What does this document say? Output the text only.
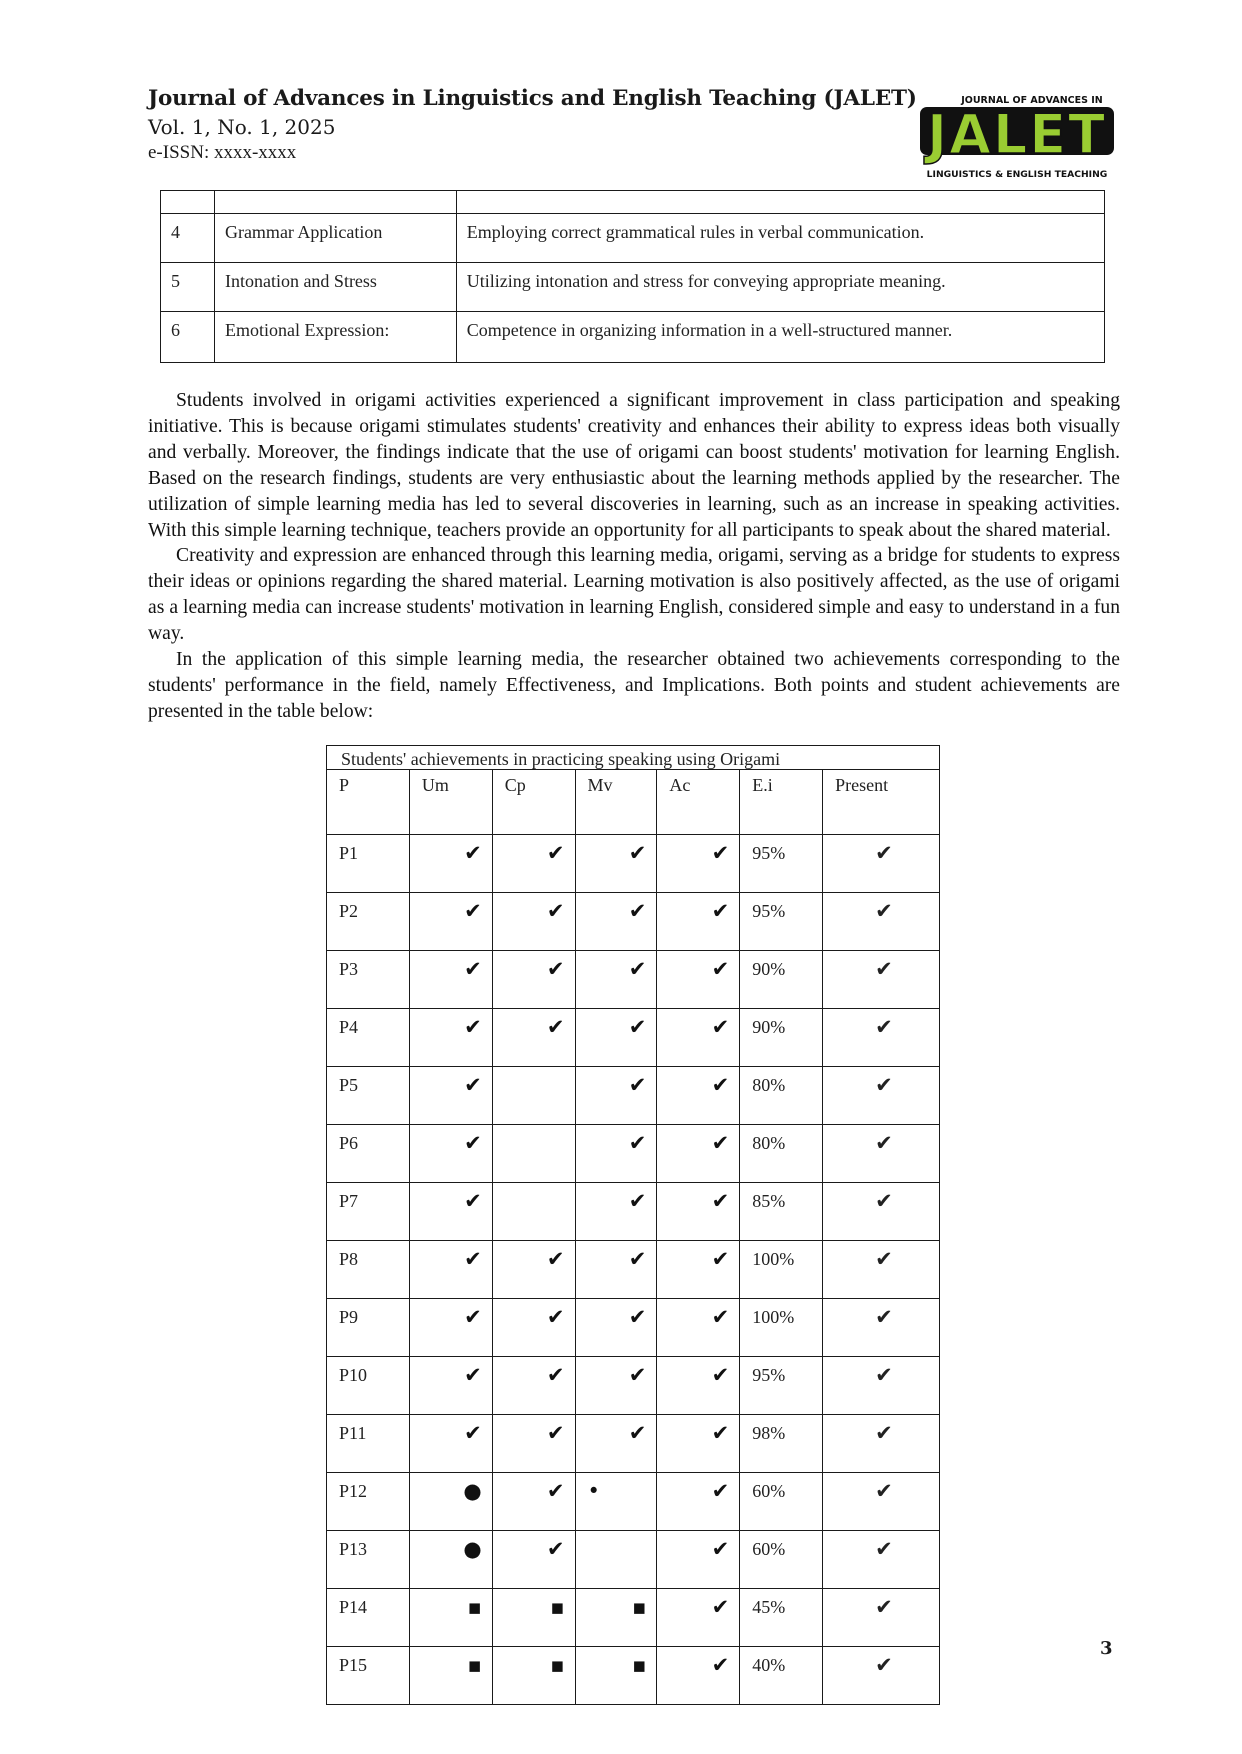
Journal of Advances in Linguistics and English Teaching (JALET)
Vol. 1, No. 1, 2025
e-ISSN: xxxx-xxxx
JOURNAL OF ADVANCES IN
JALET
LINGUISTICS & ENGLISH TEACHING

4	Grammar Application	Employing correct grammatical rules in verbal communication.
5	Intonation and Stress	Utilizing intonation and stress for conveying appropriate meaning.
6	Emotional Expression:	Competence in organizing information in a well-structured manner.

Students involved in origami activities experienced a significant improvement in class participation and speaking initiative. This is because origami stimulates students' creativity and enhances their ability to express ideas both visually and verbally. Moreover, the findings indicate that the use of origami can boost students' motivation for learning English. Based on the research findings, students are very enthusiastic about the learning methods applied by the researcher. The utilization of simple learning media has led to several discoveries in learning, such as an increase in speaking activities. With this simple learning technique, teachers provide an opportunity for all participants to speak about the shared material.

Creativity and expression are enhanced through this learning media, origami, serving as a bridge for students to express their ideas or opinions regarding the shared material. Learning motivation is also positively affected, as the use of origami as a learning media can increase students' motivation in learning English, considered simple and easy to understand in a fun way.

In the application of this simple learning media, the researcher obtained two achievements corresponding to the students' performance in the field, namely Effectiveness, and Implications. Both points and student achievements are presented in the table below:

Students' achievements in practicing speaking using Origami						
P	Um	Cp	Mv	Ac	E.i	Present
P1	✔	✔	✔	✔	95%	✔
P2	✔	✔	✔	✔	95%	✔
P3	✔	✔	✔	✔	90%	✔
P4	✔	✔	✔	✔	90%	✔
P5	✔		✔	✔	80%	✔
P6	✔		✔	✔	80%	✔
P7	✔		✔	✔	85%	✔
P8	✔	✔	✔	✔	100%	✔
P9	✔	✔	✔	✔	100%	✔
P10	✔	✔	✔	✔	95%	✔
P11	✔	✔	✔	✔	98%	✔
P12	●	✔	•	✔	60%	✔
P13	●	✔		✔	60%	✔
P14	▪	▪	▪	✔	45%	✔
P15	▪	▪	▪	✔	40%	✔
3
